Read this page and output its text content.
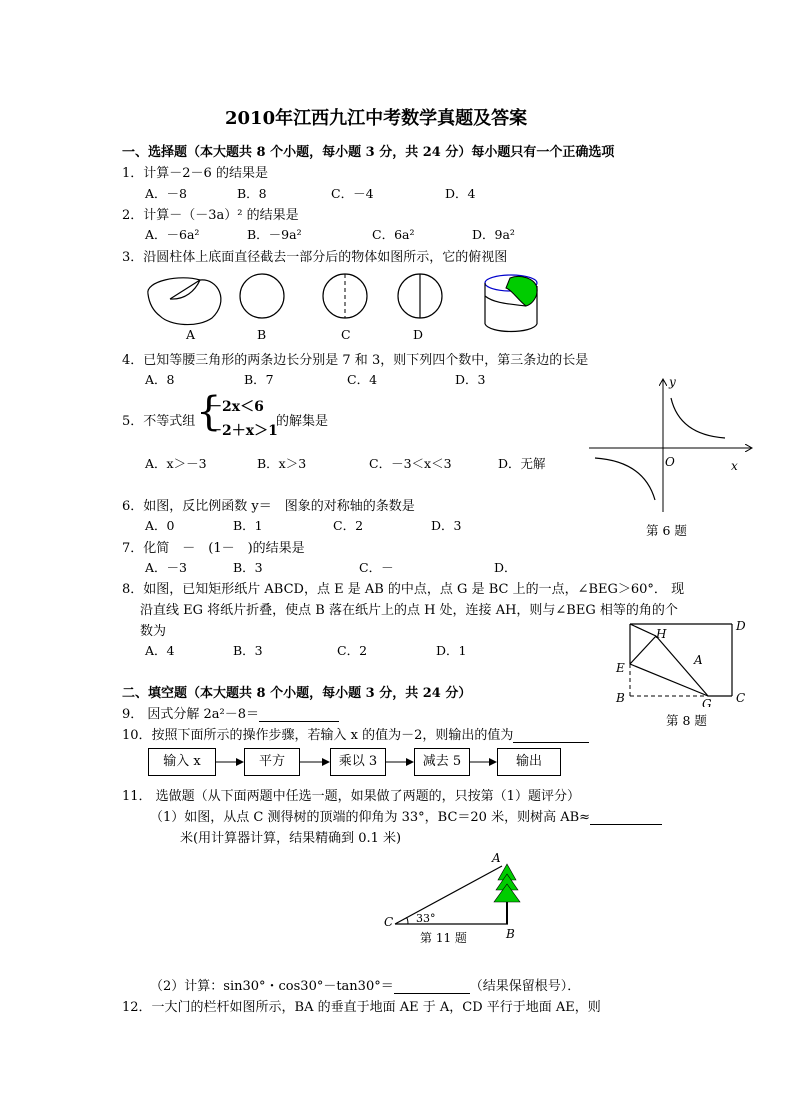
2010年江西九江中考数学真题及答案
一、选择题（本大题共 8 个小题，每小题 3 分，共 24 分）每小题只有一个正确选项
1．计算－2－6 的结果是
A．－8	B．8	C．－4	D．4
2．计算－（－3a）² 的结果是
A．－6a²	B．－9a²	C．6a²	D．9a²
3．沿圆柱体上底面直径截去一部分后的物体如图所示，它的俯视图
A	B	C	D
4．已知等腰三角形的两条边长分别是 7 和 3，则下列四个数中，第三条边的长是
A．8	B．7	C．4	D．3
5．不等式组 {
－2x＜6
－2＋x＞1
的解集是
A．x＞－3	B．x＞3	C．－3＜x＜3	D．无解
y
x
O
第 6 题
6．如图，反比例函数 y＝　图象的对称轴的条数是
A．0	B．1	C．2	D．3
7．化简　－　(1－　)的结果是
A．－3	B．3	C．－	D．
8．如图，已知矩形纸片 ABCD，点 E 是 AB 的中点，点 G 是 BC 上的一点，∠BEG＞60°． 现
沿直线 EG 将纸片折叠，使点 B 落在纸片上的点 H 处，连接 AH，则与∠BEG 相等的角的个
数为
A．4	B．3	C．2	D．1
D
H
A
E
B	C
G
第 8 题
二、填空题（本大题共 8 个小题，每小题 3 分，共 24 分）
9． 因式分解 2a²－8＝
10．按照下面所示的操作步骤，若输入 x 的值为－2，则输出的值为
输入 x	平方	乘以 3	减去 5	输出
11． 选做题（从下面两题中任选一题，如果做了两题的，只按第（1）题评分）
（1）如图，从点 C 测得树的顶端的仰角为 33°，BC＝20 米，则树高 AB≈
米(用计算器计算，结果精确到 0.1 米)
A
C
B
33°
第 11 题
（2）计算：sin30°・cos30°－tan30°＝	（结果保留根号）．
12．一大门的栏杆如图所示，BA 的垂直于地面 AE 于 A，CD 平行于地面 AE，则
